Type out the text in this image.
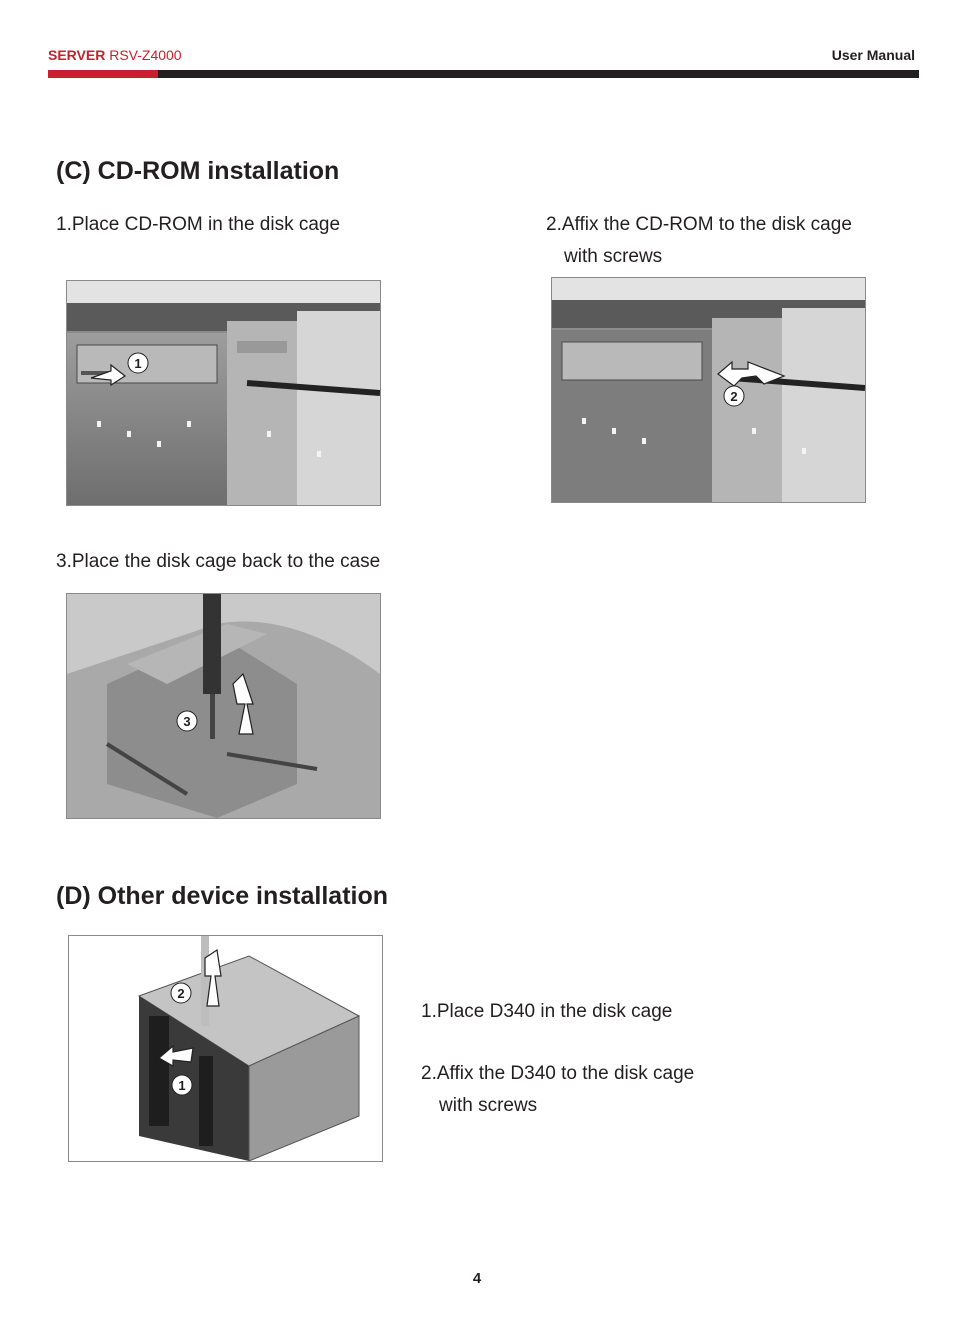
SERVER RSV-Z4000	User Manual
(C) CD-ROM installation
1.Place CD-ROM in the disk cage	2.Affix the CD-ROM to the disk cage
with screws
1
2
3.Place the disk cage back to the case
3
(D) Other device installation
2
1
1.Place D340 in the disk cage
2.Affix the D340 to the disk cage
with screws
4
